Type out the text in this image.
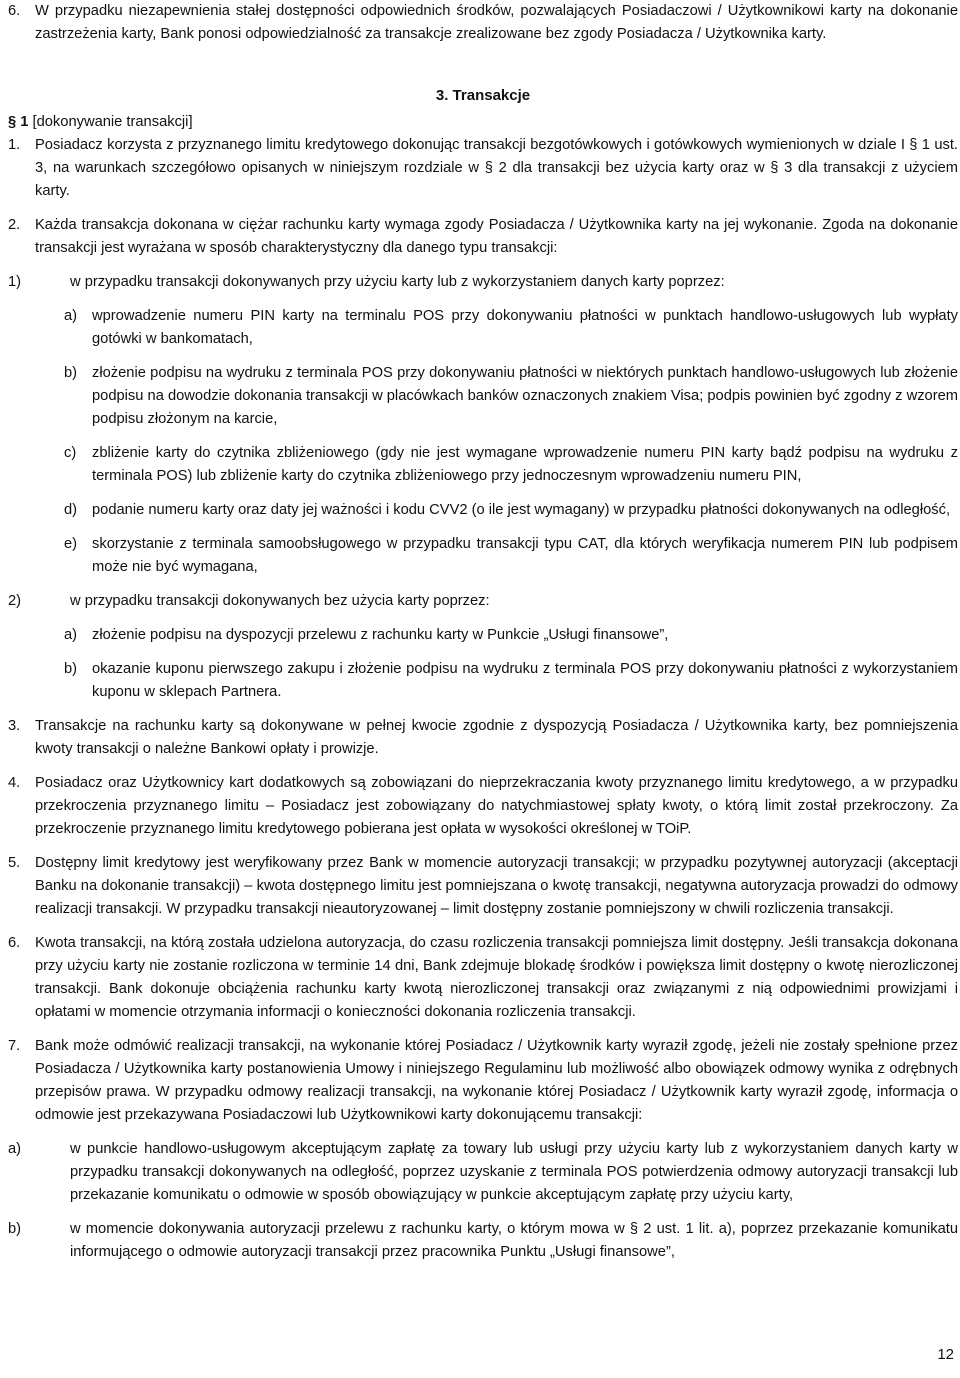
6. W przypadku niezapewnienia stałej dostępności odpowiednich środków, pozwalających Posiadaczowi / Użytkownikowi karty na dokonanie zastrzeżenia karty, Bank ponosi odpowiedzialność za transakcje zrealizowane bez zgody Posiadacza / Użytkownika karty.
3. Transakcje
§ 1 [dokonywanie transakcji]
1. Posiadacz korzysta z przyznanego limitu kredytowego dokonując transakcji bezgotówkowych i gotówkowych wymienionych w dziale I § 1 ust. 3, na warunkach szczegółowo opisanych w niniejszym rozdziale w § 2 dla transakcji bez użycia karty oraz w § 3 dla transakcji z użyciem karty.
2. Każda transakcja dokonana w ciężar rachunku karty wymaga zgody Posiadacza / Użytkownika karty na jej wykonanie. Zgoda na dokonanie transakcji jest wyrażana w sposób charakterystyczny dla danego typu transakcji:
1)	w przypadku transakcji dokonywanych przy użyciu karty lub z wykorzystaniem danych karty poprzez:
a) wprowadzenie numeru PIN karty na terminalu POS przy dokonywaniu płatności w punktach handlowo-usługowych lub wypłaty gotówki w bankomatach,
b) złożenie podpisu na wydruku z terminala POS przy dokonywaniu płatności w niektórych punktach handlowo-usługowych lub złożenie podpisu na dowodzie dokonania transakcji w placówkach banków oznaczonych znakiem Visa; podpis powinien być zgodny z wzorem podpisu złożonym na karcie,
c) zbliżenie karty do czytnika zbliżeniowego (gdy nie jest wymagane wprowadzenie numeru PIN karty bądź podpisu na wydruku z terminala POS) lub zbliżenie karty do czytnika zbliżeniowego przy jednoczesnym wprowadzeniu numeru PIN,
d) podanie numeru karty oraz daty jej ważności i kodu CVV2 (o ile jest wymagany) w przypadku płatności dokonywanych na odległość,
e) skorzystanie z terminala samoobsługowego w przypadku transakcji typu CAT, dla których weryfikacja numerem PIN lub podpisem może nie być wymagana,
2)	w przypadku transakcji dokonywanych bez użycia karty poprzez:
a) złożenie podpisu na dyspozycji przelewu z rachunku karty w Punkcie „Usługi finansowe”,
b) okazanie kuponu pierwszego zakupu i złożenie podpisu na wydruku z terminala POS przy dokonywaniu płatności z wykorzystaniem kuponu w sklepach Partnera.
3. Transakcje na rachunku karty są dokonywane w pełnej kwocie zgodnie z dyspozycją Posiadacza / Użytkownika karty, bez pomniejszenia kwoty transakcji o należne Bankowi opłaty i prowizje.
4. Posiadacz oraz Użytkownicy kart dodatkowych są zobowiązani do nieprzekraczania kwoty przyznanego limitu kredytowego, a w przypadku przekroczenia przyznanego limitu – Posiadacz jest zobowiązany do natychmiastowej spłaty kwoty, o którą limit został przekroczony. Za przekroczenie przyznanego limitu kredytowego pobierana jest opłata w wysokości określonej w TOiP.
5. Dostępny limit kredytowy jest weryfikowany przez Bank w momencie autoryzacji transakcji; w przypadku pozytywnej autoryzacji (akceptacji Banku na dokonanie transakcji) – kwota dostępnego limitu jest pomniejszana o kwotę transakcji, negatywna autoryzacja prowadzi do odmowy realizacji transakcji. W przypadku transakcji nieautoryzowanej – limit dostępny zostanie pomniejszony w chwili rozliczenia transakcji.
6. Kwota transakcji, na którą została udzielona autoryzacja, do czasu rozliczenia transakcji pomniejsza limit dostępny. Jeśli transakcja dokonana przy użyciu karty nie zostanie rozliczona w terminie 14 dni, Bank zdejmuje blokadę środków i powiększa limit dostępny o kwotę nierozliczonej transakcji. Bank dokonuje obciążenia rachunku karty kwotą nierozliczonej transakcji oraz związanymi z nią odpowiednimi prowizjami i opłatami w momencie otrzymania informacji o konieczności dokonania rozliczenia transakcji.
7. Bank może odmówić realizacji transakcji, na wykonanie której Posiadacz / Użytkownik karty wyraził zgodę, jeżeli nie zostały spełnione przez Posiadacza / Użytkownika karty postanowienia Umowy i niniejszego Regulaminu lub możliwość albo obowiązek odmowy wynika z odrębnych przepisów prawa. W przypadku odmowy realizacji transakcji, na wykonanie której Posiadacz / Użytkownik karty wyraził zgodę, informacja o odmowie jest przekazywana Posiadaczowi lub Użytkownikowi karty dokonującemu transakcji:
a)	w punkcie handlowo-usługowym akceptującym zapłatę za towary lub usługi przy użyciu karty lub z wykorzystaniem danych karty w przypadku transakcji dokonywanych na odległość, poprzez uzyskanie z terminala POS potwierdzenia odmowy autoryzacji transakcji lub przekazanie komunikatu o odmowie w sposób obowiązujący w punkcie akceptującym zapłatę przy użyciu karty,
b)	w momencie dokonywania autoryzacji przelewu z rachunku karty, o którym mowa w § 2 ust. 1 lit. a), poprzez przekazanie komunikatu informującego o odmowie autoryzacji transakcji przez pracownika Punktu „Usługi finansowe”,
12
